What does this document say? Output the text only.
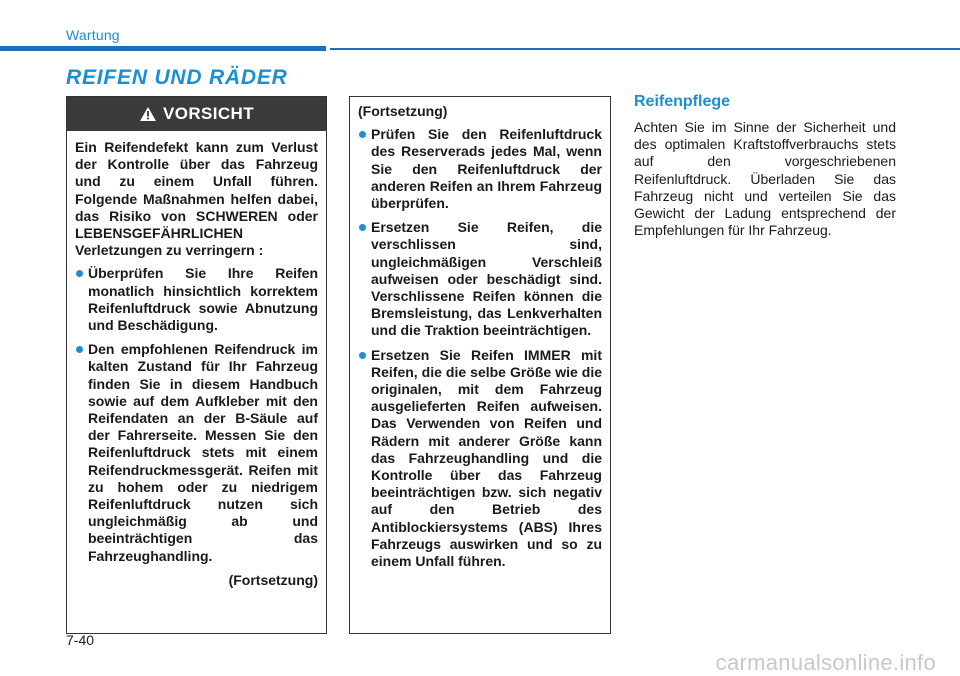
Wartung
REIFEN UND RÄDER
VORSICHT

Ein Reifendefekt kann zum Verlust der Kontrolle über das Fahrzeug und zu einem Unfall führen. Folgende Maßnahmen helfen dabei, das Risiko von SCHWEREN oder LEBENSGEFÄHRLICHEN Verletzungen zu verringern :

Überprüfen Sie Ihre Reifen monatlich hinsichtlich korrektem Reifenluftdruck sowie Abnutzung und Beschädigung.
Den empfohlenen Reifendruck im kalten Zustand für Ihr Fahrzeug finden Sie in diesem Handbuch sowie auf dem Aufkleber mit den Reifendaten an der B-Säule auf der Fahrerseite. Messen Sie den Reifenluftdruck stets mit einem Reifendruckmessgerät. Reifen mit zu hohem oder zu niedrigem Reifenluftdruck nutzen sich ungleichmäßig ab und beeinträchtigen das Fahrzeughandling.
(Fortsetzung)

(Fortsetzung)

Prüfen Sie den Reifenluftdruck des Reserverads jedes Mal, wenn Sie den Reifenluftdruck der anderen Reifen an Ihrem Fahrzeug überprüfen.
Ersetzen Sie Reifen, die verschlissen sind, ungleichmäßigen Verschleiß aufweisen oder beschädigt sind. Verschlissene Reifen können die Bremsleistung, das Lenkverhalten und die Traktion beeinträchtigen.
Ersetzen Sie Reifen IMMER mit Reifen, die die selbe Größe wie die originalen, mit dem Fahrzeug ausgelieferten Reifen aufweisen. Das Verwenden von Reifen und Rädern mit anderer Größe kann das Fahrzeughandling und die Kontrolle über das Fahrzeug beeinträchtigen bzw. sich negativ auf den Betrieb des Antiblockiersystems (ABS) Ihres Fahrzeugs auswirken und so zu einem Unfall führen.
Reifenpflege
Achten Sie im Sinne der Sicherheit und des optimalen Kraftstoffverbrauchs stets auf den vorgeschriebenen Reifenluftdruck. Überladen Sie das Fahrzeug nicht und verteilen Sie das Gewicht der Ladung entsprechend der Empfehlungen für Ihr Fahrzeug.
7-40
carmanualsonline.info
